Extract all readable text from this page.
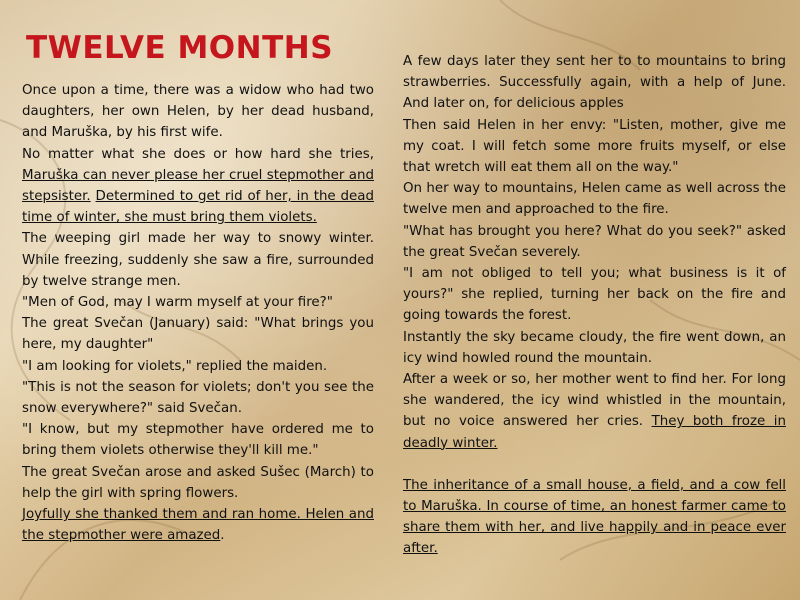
TWELVE MONTHS

Once upon a time, there was a widow who had two daughters, her own Helen, by her dead husband, and Maruška, by his first wife.

No matter what she does or how hard she tries, Maruška can never please her cruel stepmother and stepsister. Determined to get rid of her, in the dead time of winter, she must bring them violets.

The weeping girl made her way to snowy winter. While freezing, suddenly she saw a fire, surrounded by twelve strange men.

"Men of God, may I warm myself at your fire?"

The great Svečan (January) said: "What brings you here, my daughter"

"I am looking for violets," replied the maiden.

"This is not the season for violets; don't you see the snow everywhere?" said Svečan.

"I know, but my stepmother have ordered me to bring them violets otherwise they'll kill me."

The great Svečan arose and asked Sušec (March) to help the girl with spring flowers.

Joyfully she thanked them and ran home. Helen and the stepmother were amazed.

A few days later they sent her to to mountains to bring strawberries. Successfully again, with a help of June. And later on, for delicious apples

Then said Helen in her envy: "Listen, mother, give me my coat. I will fetch some more fruits myself, or else that wretch will eat them all on the way."

On her way to mountains, Helen came as well across the twelve men and approached to the fire.

"What has brought you here? What do you seek?" asked the great Svečan severely.

"I am not obliged to tell you; what business is it of yours?" she replied, turning her back on the fire and going towards the forest.

Instantly the sky became cloudy, the fire went down, an icy wind howled round the mountain.

After a week or so, her mother went to find her. For long she wandered, the icy wind whistled in the mountain, but no voice answered her cries. They both froze in deadly winter.

The inheritance of a small house, a field, and a cow fell to Maruška. In course of time, an honest farmer came to share them with her, and live happily and in peace ever after.
